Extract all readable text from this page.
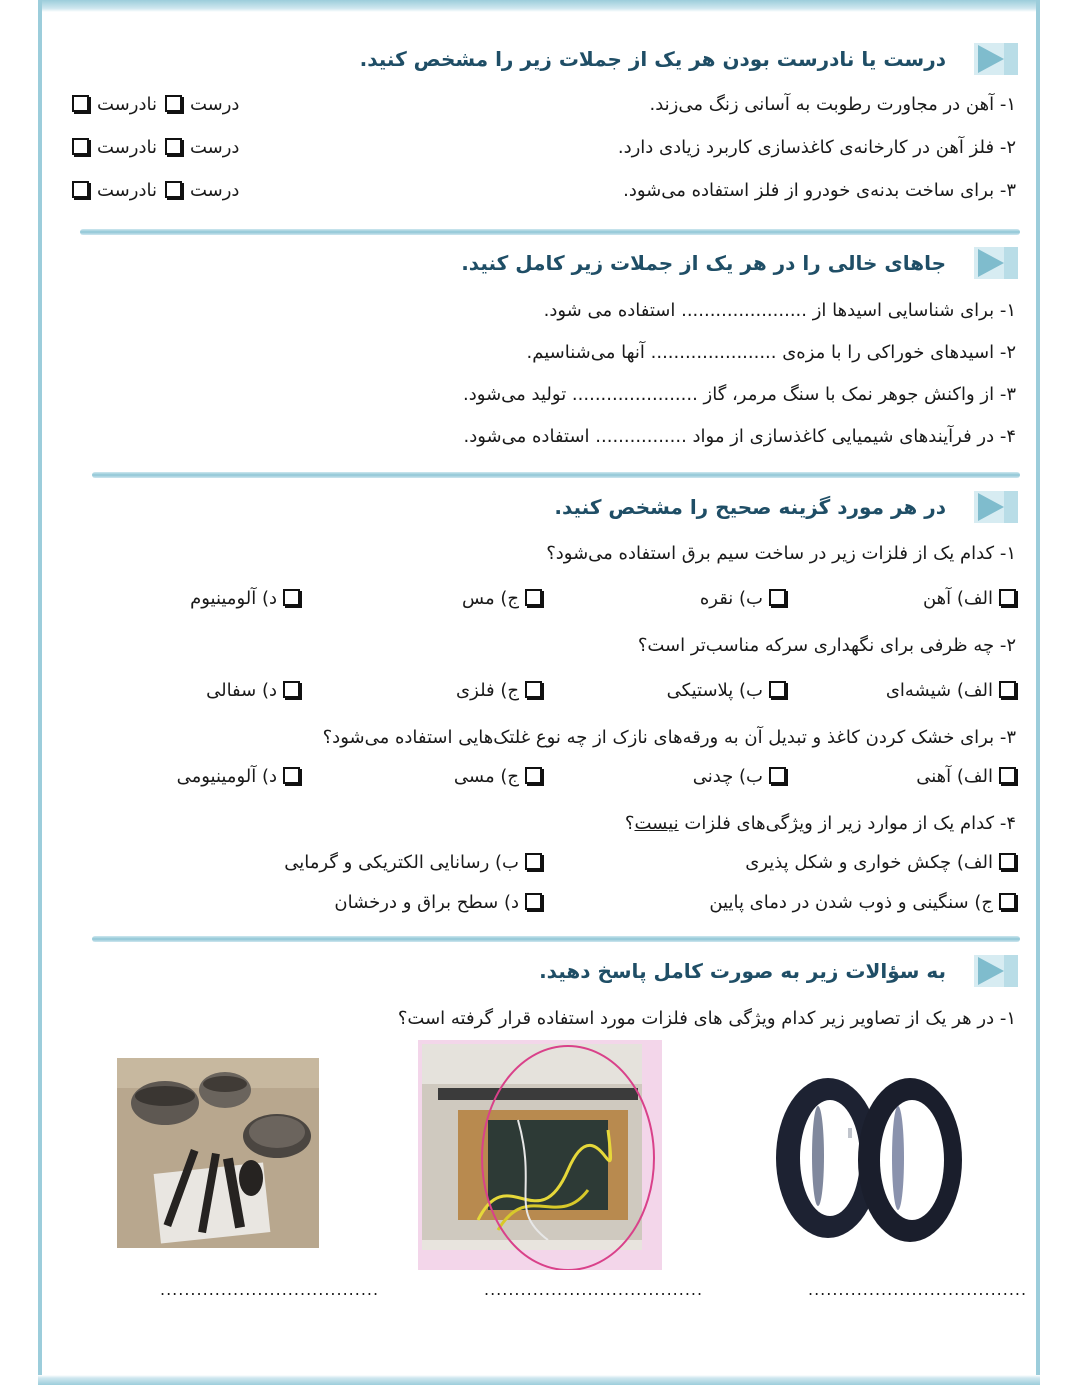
درست یا نادرست بودن هر یک از جملات زیر را مشخص کنید.
۱- آهن در مجاورت رطوبت به آسانی زنگ می‌زند.
درست
نادرست
۲- فلز آهن در کارخانه‌ی کاغذسازی کاربرد زیادی دارد.
درست
نادرست
۳- برای ساخت بدنه‌ی خودرو از فلز استفاده می‌شود.
درست
نادرست
جاهای خالی را در هر یک از جملات زیر کامل کنید.
۱- برای شناسایی اسیدها از ...................... استفاده می شود.
۲- اسیدهای خوراکی را با مزه‌ی ...................... آنها می‌شناسیم.
۳- از واکنش جوهر نمک با سنگ مرمر، گاز ...................... تولید می‌شود.
۴- در فرآیندهای شیمیایی کاغذسازی از مواد ................ استفاده می‌شود.
در هر مورد گزینه صحیح را مشخص کنید.
۱- کدام یک از فلزات زیر در ساخت سیم برق استفاده می‌شود؟
الف) آهن
ب) نقره
ج) مس
د) آلومینیوم
۲- چه ظرفی برای نگهداری سرکه مناسب‌تر است؟
الف) شیشه‌ای
ب) پلاستیکی
ج) فلزی
د) سفالی
۳- برای خشک کردن کاغذ و تبدیل آن به ورقه‌های نازک از چه نوع غلتک‌هایی استفاده می‌شود؟
الف) آهنی
ب) چدنی
ج) مسی
د) آلومینیومی
۴- کدام یک از موارد زیر از ویژگی‌های فلزات نیست؟
الف) چکش خواری و شکل پذیری
ب) رسانایی الکتریکی و گرمایی
ج) سنگینی و ذوب شدن در دمای پایین
د) سطح براق و درخشان
به سؤالات زیر به صورت کامل پاسخ دهید.
۱- در هر یک از تصاویر زیر کدام ویژگی های فلزات مورد استفاده قرار گرفته است؟
....................................
....................................
....................................
